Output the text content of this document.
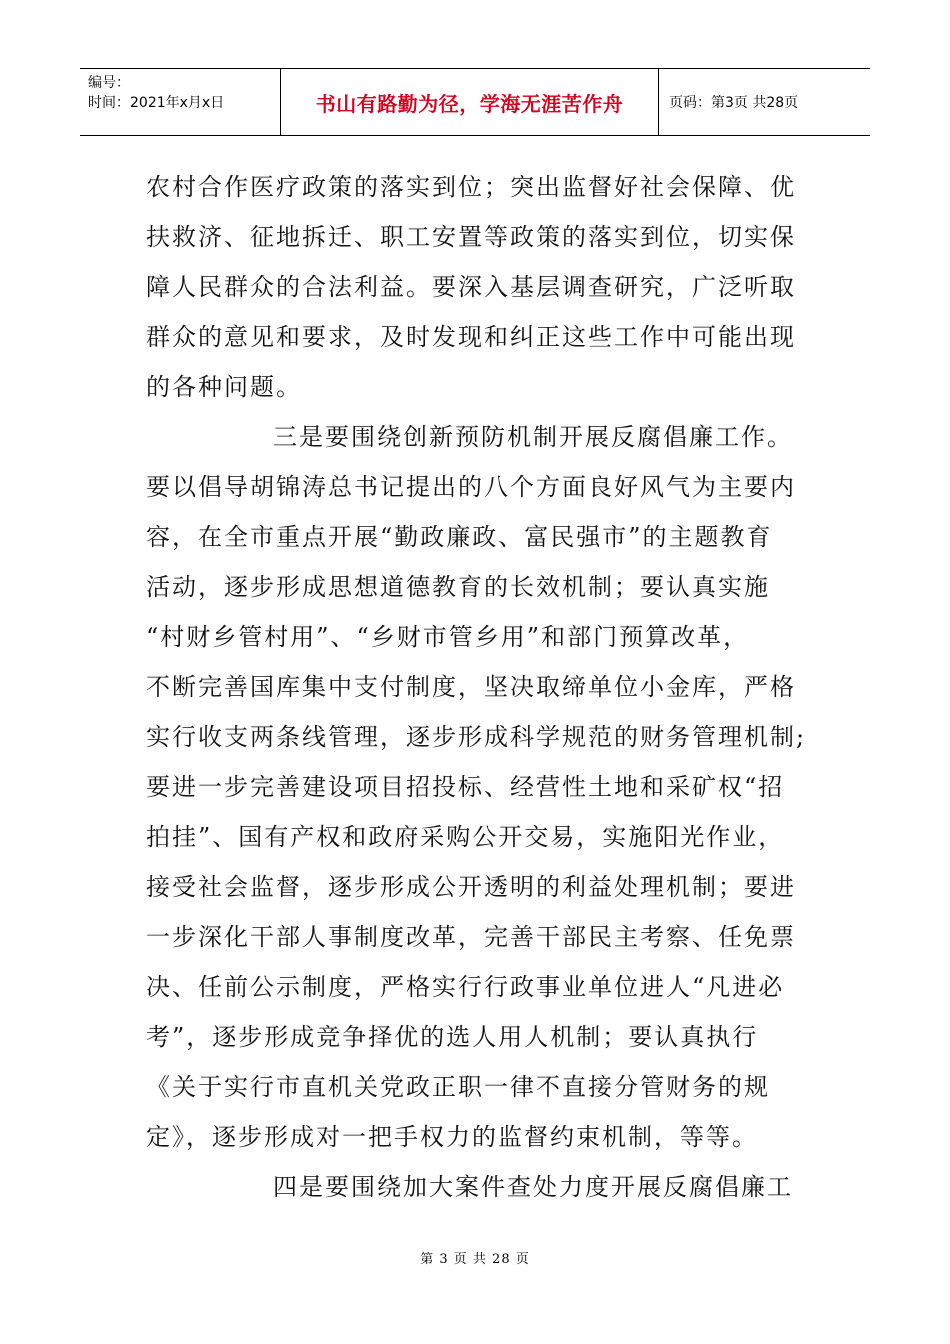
编号：
时间：2021年x月x日	书山有路勤为径，学海无涯苦作舟	页码：第3页 共28页
农村合作医疗政策的落实到位；突出监督好社会保障、优
扶救济、征地拆迁、职工安置等政策的落实到位，切实保
障人民群众的合法利益。要深入基层调查研究，广泛听取
群众的意见和要求，及时发现和纠正这些工作中可能出现
的各种问题。
三是要围绕创新预防机制开展反腐倡廉工作。
要以倡导胡锦涛总书记提出的八个方面良好风气为主要内
容，在全市重点开展“勤政廉政、富民强市”的主题教育
活动，逐步形成思想道德教育的长效机制；要认真实施
“村财乡管村用”、“乡财市管乡用”和部门预算改革，
不断完善国库集中支付制度，坚决取缔单位小金库，严格
实行收支两条线管理，逐步形成科学规范的财务管理机制;
要进一步完善建设项目招投标、经营性土地和采矿权“招
拍挂”、国有产权和政府采购公开交易，实施阳光作业，
接受社会监督，逐步形成公开透明的利益处理机制；要进
一步深化干部人事制度改革，完善干部民主考察、任免票
决、任前公示制度，严格实行行政事业单位进人“凡进必
考”，逐步形成竞争择优的选人用人机制；要认真执行
《关于实行市直机关党政正职一律不直接分管财务的规
定》，逐步形成对一把手权力的监督约束机制，等等。
四是要围绕加大案件查处力度开展反腐倡廉工
第 3 页 共 28 页
